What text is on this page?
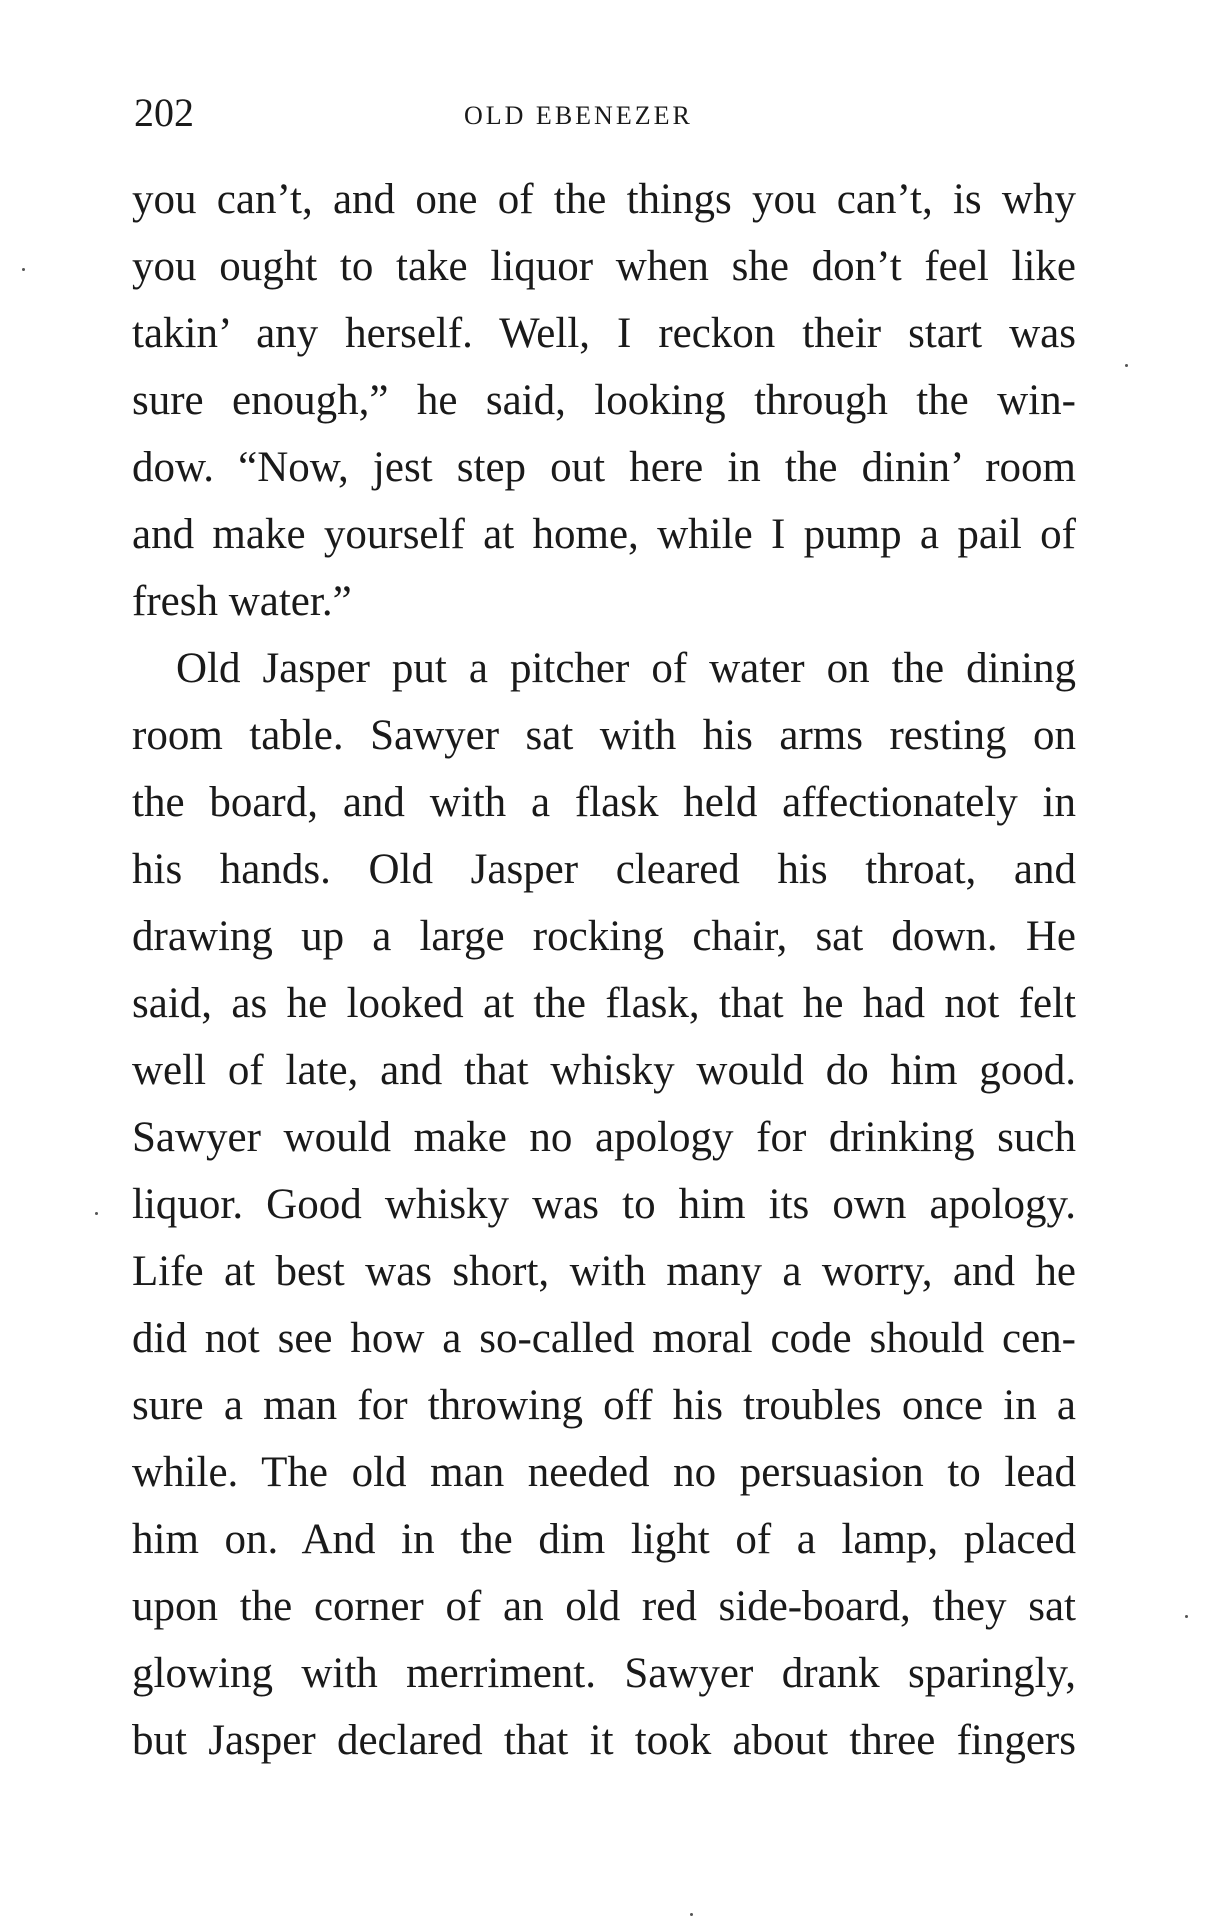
202	OLD EBENEZER
you can’t, and one of the things you can’t, is why
you ought to take liquor when she don’t feel like
takin’ any herself. Well, I reckon their start was
sure enough,” he said, looking through the win-
dow. “Now, jest step out here in the dinin’ room
and make yourself at home, while I pump a pail of
fresh water.”
Old Jasper put a pitcher of water on the dining
room table. Sawyer sat with his arms resting on
the board, and with a flask held affectionately in
his hands. Old Jasper cleared his throat, and
drawing up a large rocking chair, sat down. He
said, as he looked at the flask, that he had not felt
well of late, and that whisky would do him good.
Sawyer would make no apology for drinking such
liquor. Good whisky was to him its own apology.
Life at best was short, with many a worry, and he
did not see how a so-called moral code should cen-
sure a man for throwing off his troubles once in a
while. The old man needed no persuasion to lead
him on. And in the dim light of a lamp, placed
upon the corner of an old red side-board, they sat
glowing with merriment. Sawyer drank sparingly,
but Jasper declared that it took about three fingers
